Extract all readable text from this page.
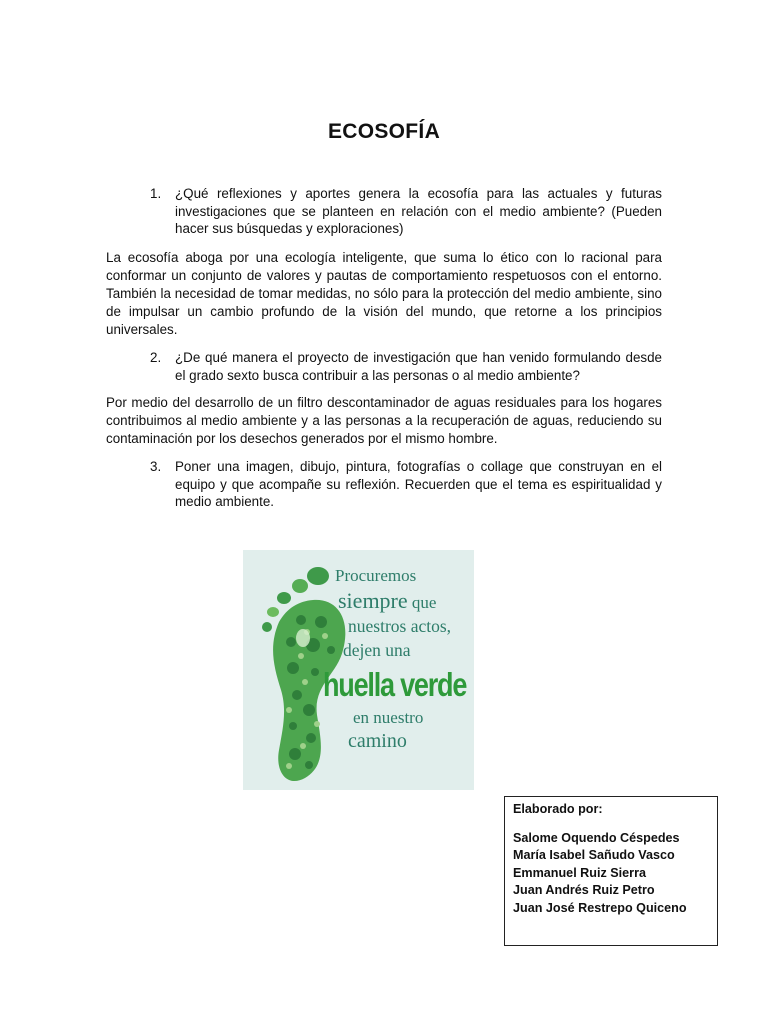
ECOSOFÍA
1.	¿Qué reflexiones y aportes genera la ecosofía para las actuales y futuras investigaciones que se planteen en relación con el medio ambiente? (Pueden hacer sus búsquedas y exploraciones)
La ecosofía aboga por una ecología inteligente, que suma lo ético con lo racional para conformar un conjunto de valores y pautas de comportamiento respetuosos con el entorno. También la necesidad de tomar medidas, no sólo para la protección del medio ambiente, sino de impulsar un cambio profundo de la visión del mundo, que retorne a los principios universales.
2.	¿De qué manera el proyecto de investigación que han venido formulando desde el grado sexto busca contribuir a las personas o al medio ambiente?
Por medio del desarrollo de un filtro descontaminador de aguas residuales para los hogares contribuimos al medio ambiente y a las personas a la recuperación de aguas, reduciendo su contaminación por los desechos generados por el mismo hombre.
3.	Poner una imagen, dibujo, pintura, fotografías o collage que construyan en el equipo y que acompañe su reflexión. Recuerden que el tema es espiritualidad y medio ambiente.
Procuremos
siempre que
nuestros actos,
dejen una
huella verde
en nuestro
camino
Elaborado por:
Salome Oquendo Céspedes
María Isabel Sañudo Vasco
Emmanuel Ruiz Sierra
Juan Andrés Ruiz Petro
Juan José Restrepo Quiceno
